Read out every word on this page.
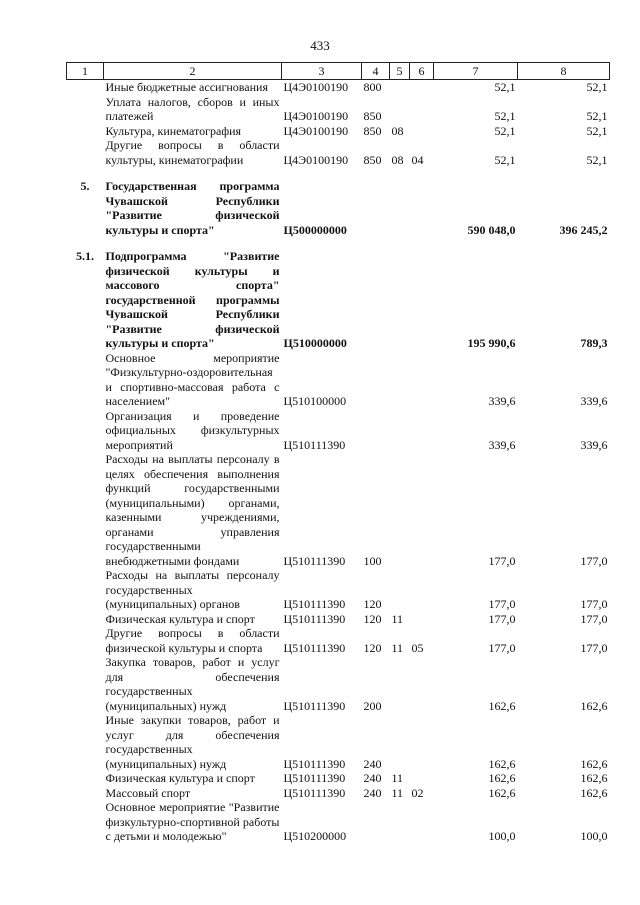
433
1	2	3	4	5	6	7	8
	Иные бюджетные ассигнования	Ц4Э0100190	800			52,1	52,1
	Уплата налогов, сборов и иных платежей	Ц4Э0100190	850			52,1	52,1
	Культура, кинематография	Ц4Э0100190	850	08		52,1	52,1
	Другие вопросы в области культуры, кинематографии	Ц4Э0100190	850	08	04	52,1	52,1

5.	Государственная программа Чувашской Республики "Развитие физической культуры и спорта"	Ц500000000				590 048,0	396 245,2

5.1.	Подпрограмма "Развитие физической культуры и массового спорта" государственной программы Чувашской Республики "Развитие физической культуры и спорта"	Ц510000000				195 990,6	789,3
	Основное мероприятие "Физкультурно-оздоровительная и спортивно-массовая работа с населением"	Ц510100000				339,6	339,6
	Организация и проведение официальных физкультурных мероприятий	Ц510111390				339,6	339,6
	Расходы на выплаты персоналу в целях обеспечения выполнения функций государственными (муниципальными) органами, казенными учреждениями, органами управления государственными внебюджетными фондами	Ц510111390	100			177,0	177,0
	Расходы на выплаты персоналу государственных (муниципальных) органов	Ц510111390	120			177,0	177,0
	Физическая культура и спорт	Ц510111390	120	11		177,0	177,0
	Другие вопросы в области физической культуры и спорта	Ц510111390	120	11	05	177,0	177,0
	Закупка товаров, работ и услуг для обеспечения государственных (муниципальных) нужд	Ц510111390	200			162,6	162,6
	Иные закупки товаров, работ и услуг для обеспечения государственных (муниципальных) нужд	Ц510111390	240			162,6	162,6
	Физическая культура и спорт	Ц510111390	240	11		162,6	162,6
	Массовый спорт	Ц510111390	240	11	02	162,6	162,6
	Основное мероприятие "Развитие физкультурно-спортивной работы с детьми и молодежью"	Ц510200000				100,0	100,0
